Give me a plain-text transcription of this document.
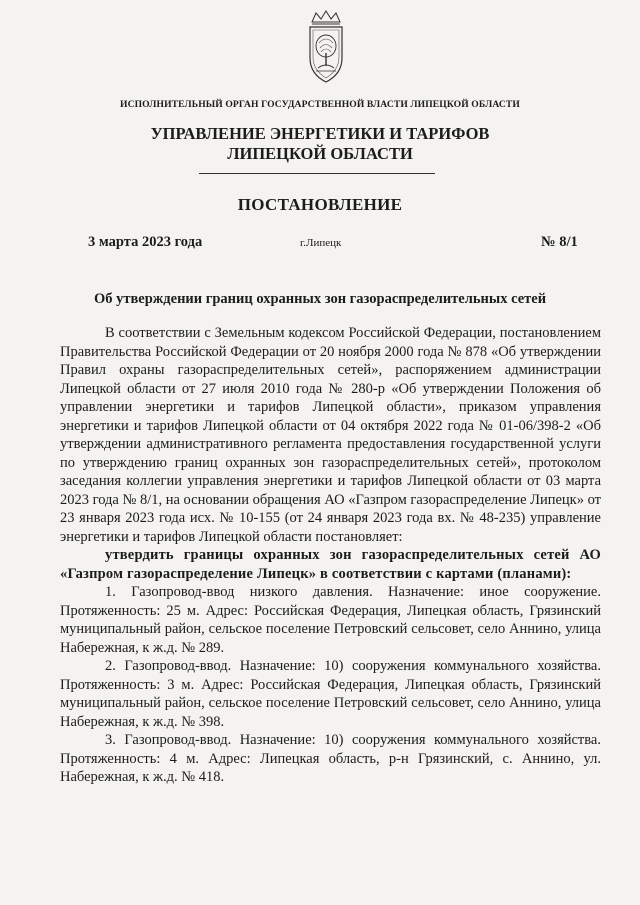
ИСПОЛНИТЕЛЬНЫЙ ОРГАН ГОСУДАРСТВЕННОЙ ВЛАСТИ ЛИПЕЦКОЙ ОБЛАСТИ
УПРАВЛЕНИЕ ЭНЕРГЕТИКИ И ТАРИФОВ
ЛИПЕЦКОЙ ОБЛАСТИ
ПОСТАНОВЛЕНИЕ
3 марта 2023 года	г.Липецк	№ 8/1
Об утверждении границ охранных зон газораспределительных сетей

В соответствии с Земельным кодексом Российской Федерации, постановлением Правительства Российской Федерации от 20 ноября 2000 года № 878 «Об утверждении Правил охраны газораспределительных сетей», распоряжением администрации Липецкой области от 27 июля 2010 года № 280-р «Об утверждении Положения об управлении энергетики и тарифов Липецкой области», приказом управления энергетики и тарифов Липецкой области от 04 октября 2022 года № 01-06/398-2 «Об утверждении административного регламента предоставления государственной услуги по утверждению границ охранных зон газораспределительных сетей», протоколом заседания коллегии управления энергетики и тарифов Липецкой области от 03 марта 2023 года № 8/1, на основании обращения АО «Газпром газораспределение Липецк» от 23 января 2023 года исх. № 10-155 (от 24 января 2023 года вх. № 48-235) управление энергетики и тарифов Липецкой области постановляет:

утвердить границы охранных зон газораспределительных сетей АО «Газпром газораспределение Липецк» в соответствии с картами (планами):

1. Газопровод-ввод низкого давления. Назначение: иное сооружение. Протяженность: 25 м. Адрес: Российская Федерация, Липецкая область, Грязинский муниципальный район, сельское поселение Петровский сельсовет, село Аннино, улица Набережная, к ж.д. № 289.

2. Газопровод-ввод. Назначение: 10) сооружения коммунального хозяйства. Протяженность: 3 м. Адрес: Российская Федерация, Липецкая область, Грязинский муниципальный район, сельское поселение Петровский сельсовет, село Аннино, улица Набережная, к ж.д. № 398.

3. Газопровод-ввод. Назначение: 10) сооружения коммунального хозяйства. Протяженность: 4 м. Адрес: Липецкая область, р-н Грязинский, с. Аннино, ул. Набережная, к ж.д. № 418.
